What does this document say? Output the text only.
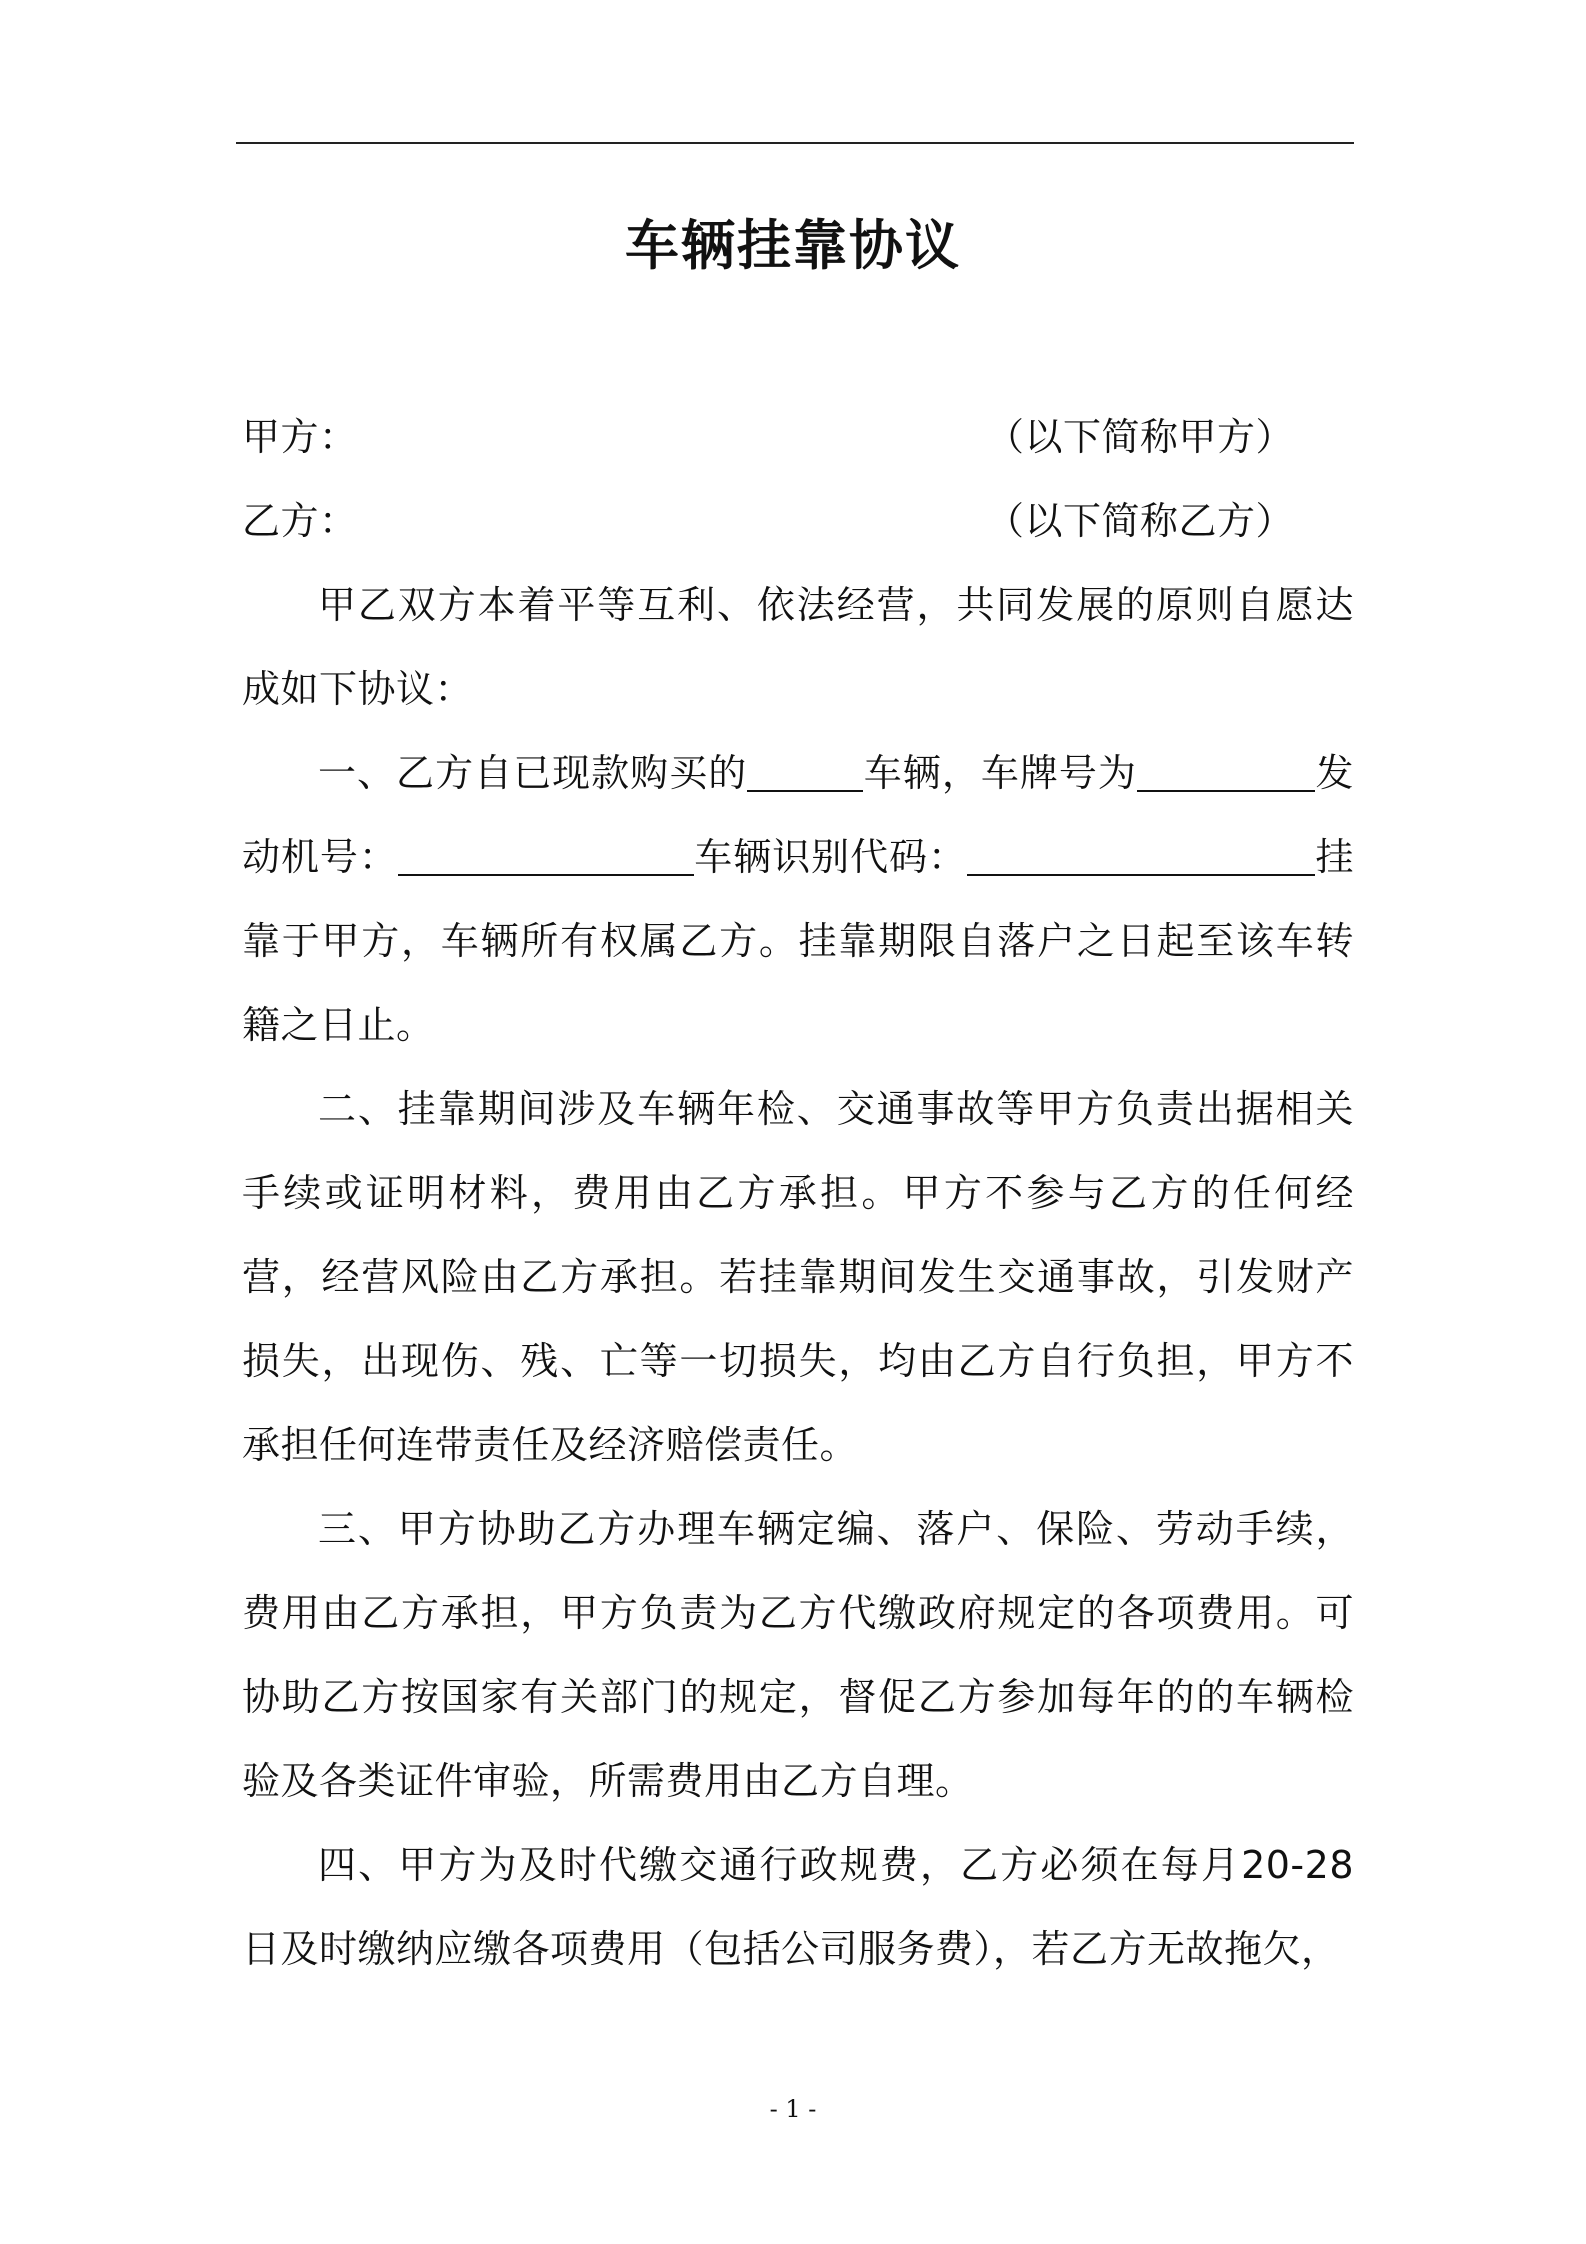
车辆挂靠协议
甲方：	（以下简称甲方）
乙方：	（以下简称乙方）

甲乙双方本着平等互利、依法经营，共同发展的原则自愿达成如下协议：

一、乙方自已现款购买的	车辆，车牌号为	发动机号：	车辆识别代码：	挂靠于甲方，车辆所有权属乙方。挂靠期限自落户之日起至该车转籍之日止。

二、挂靠期间涉及车辆年检、交通事故等甲方负责出据相关手续或证明材料，费用由乙方承担。甲方不参与乙方的任何经营，经营风险由乙方承担。若挂靠期间发生交通事故，引发财产损失，出现伤、残、亡等一切损失，均由乙方自行负担，甲方不承担任何连带责任及经济赔偿责任。

三、甲方协助乙方办理车辆定编、落户、保险、劳动手续，费用由乙方承担，甲方负责为乙方代缴政府规定的各项费用。可协助乙方按国家有关部门的规定，督促乙方参加每年的的车辆检验及各类证件审验，所需费用由乙方自理。

四、甲方为及时代缴交通行政规费，乙方必须在每月20-28日及时缴纳应缴各项费用（包括公司服务费），若乙方无故拖欠，

- 1 -
